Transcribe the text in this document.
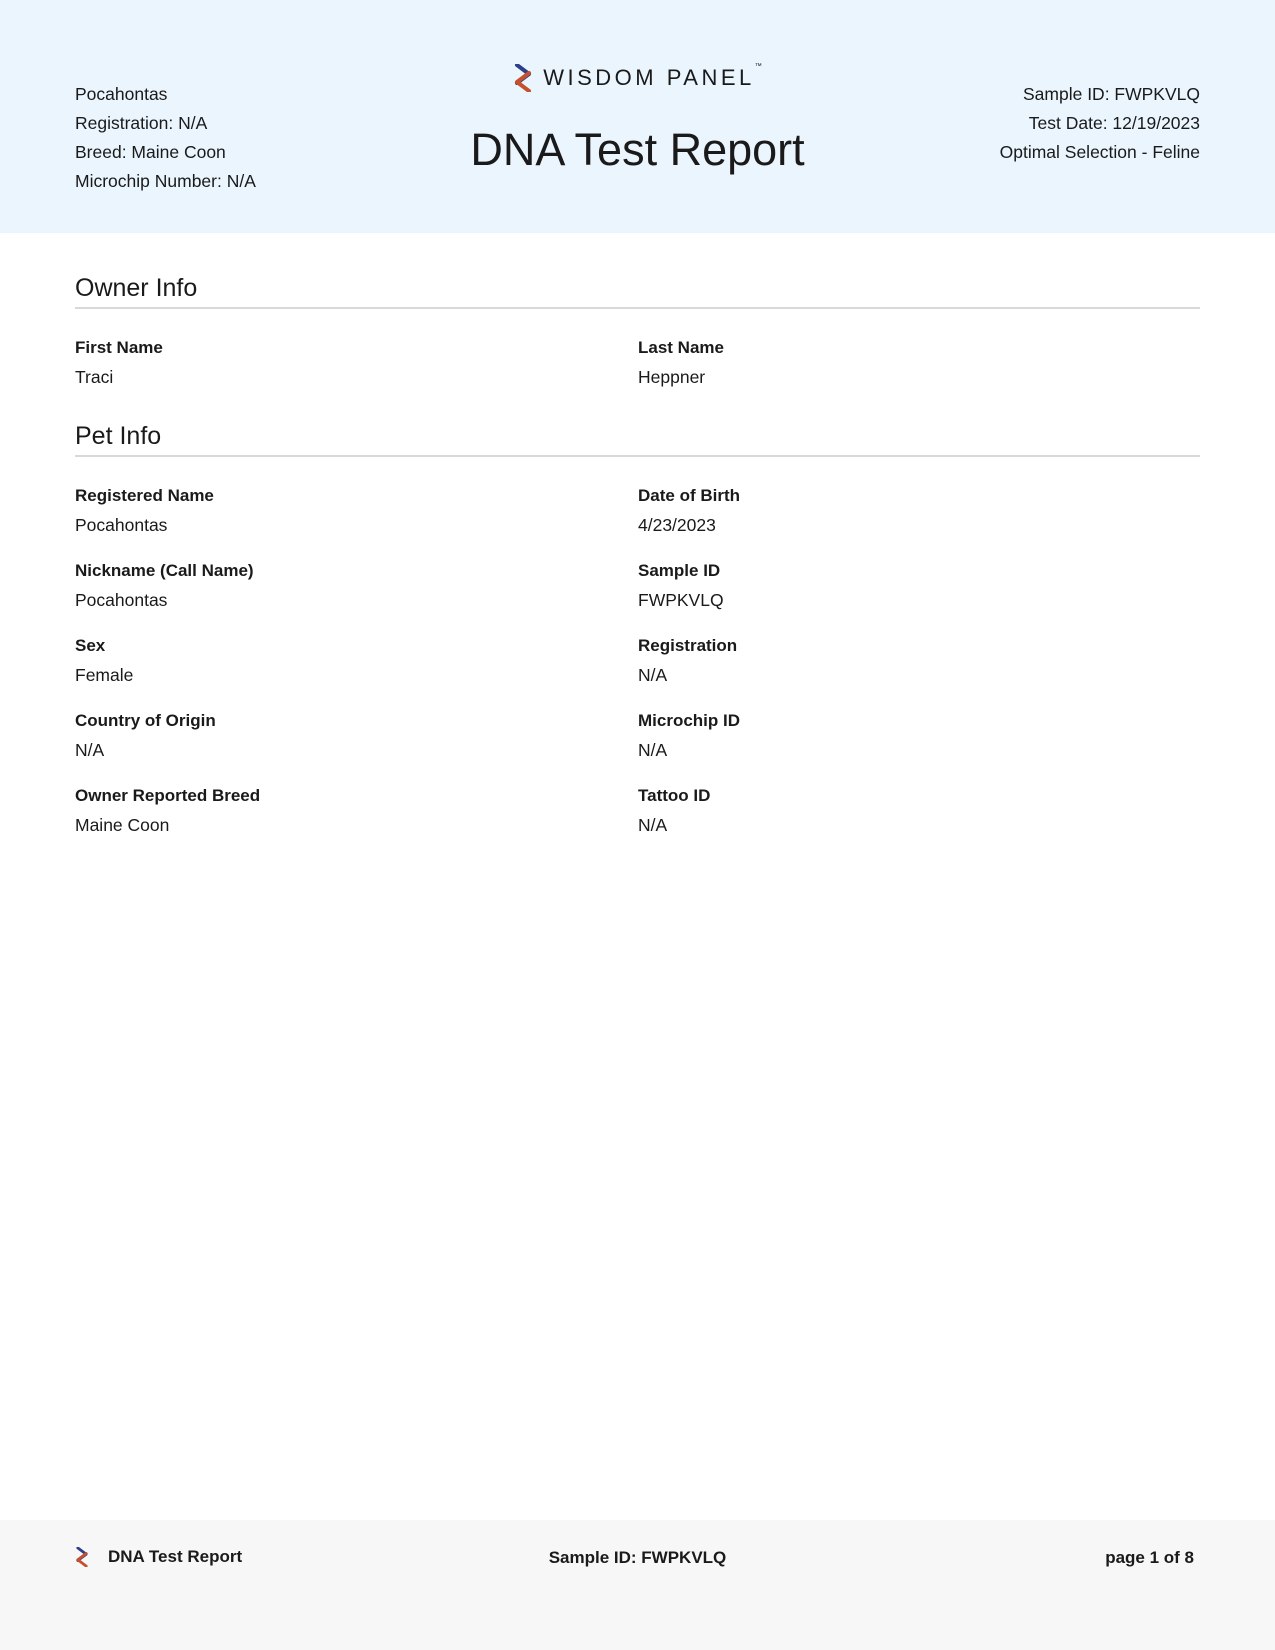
Pocahontas
Registration: N/A
Breed: Maine Coon
Microchip Number: N/A
WISDOM PANEL™
DNA Test Report
Sample ID: FWPKVLQ
Test Date: 12/19/2023
Optimal Selection - Feline
Owner Info
First Name
Traci
Last Name
Heppner
Pet Info
Registered Name
Pocahontas
Date of Birth
4/23/2023
Nickname (Call Name)
Pocahontas
Sample ID
FWPKVLQ
Sex
Female
Registration
N/A
Country of Origin
N/A
Microchip ID
N/A
Owner Reported Breed
Maine Coon
Tattoo ID
N/A
DNA Test Report	Sample ID: FWPKVLQ	page 1 of 8
